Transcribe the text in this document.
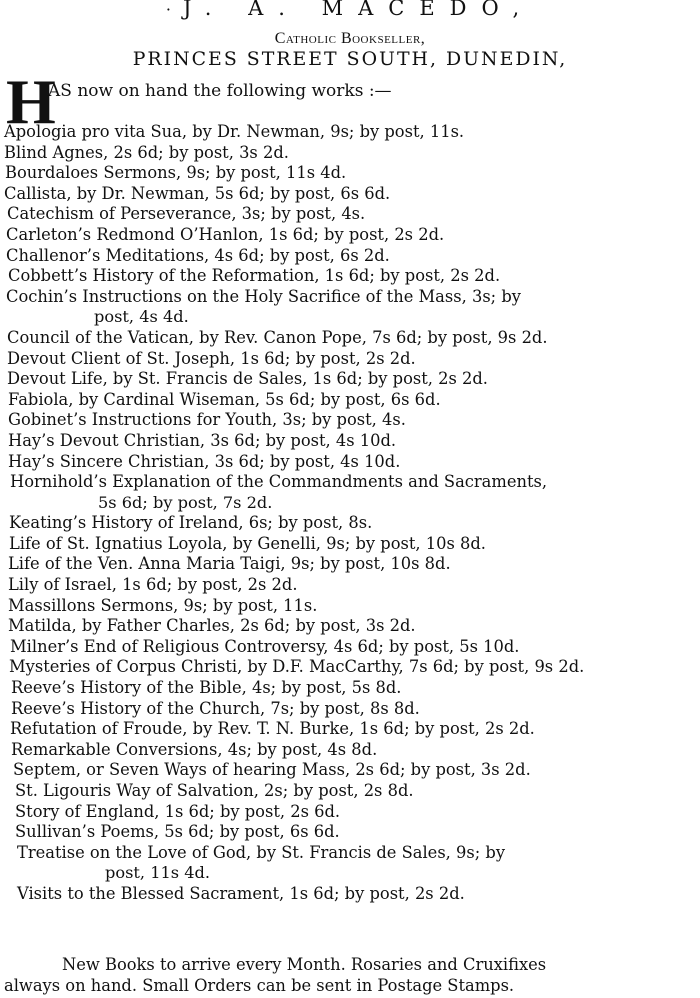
· J. A. MACEDO,
Catholic Bookseller,
PRINCES STREET SOUTH, DUNEDIN,
H
AS now on hand the following works :—
Apologia pro vita Sua, by Dr. Newman, 9s; by post, 11s.
Blind Agnes, 2s 6d; by post, 3s 2d.
Bourdaloes Sermons, 9s; by post, 11s 4d.
Callista, by Dr. Newman, 5s 6d; by post, 6s 6d.
Catechism of Perseverance, 3s; by post, 4s.
Carleton’s Redmond O’Hanlon, 1s 6d; by post, 2s 2d.
Challenor’s Meditations, 4s 6d; by post, 6s 2d.
Cobbett’s History of the Reformation, 1s 6d; by post, 2s 2d.
Cochin’s Instructions on the Holy Sacrifice of the Mass, 3s; by
post, 4s 4d.
Council of the Vatican, by Rev. Canon Pope, 7s 6d; by post, 9s 2d.
Devout Client of St. Joseph, 1s 6d; by post, 2s 2d.
Devout Life, by St. Francis de Sales, 1s 6d; by post, 2s 2d.
Fabiola, by Cardinal Wiseman, 5s 6d; by post, 6s 6d.
Gobinet’s Instructions for Youth, 3s; by post, 4s.
Hay’s Devout Christian, 3s 6d; by post, 4s 10d.
Hay’s Sincere Christian, 3s 6d; by post, 4s 10d.
Hornihold’s Explanation of the Commandments and Sacraments,
5s 6d; by post, 7s 2d.
Keating’s History of Ireland, 6s; by post, 8s.
Life of St. Ignatius Loyola, by Genelli, 9s; by post, 10s 8d.
Life of the Ven. Anna Maria Taigi, 9s; by post, 10s 8d.
Lily of Israel, 1s 6d; by post, 2s 2d.
Massillons Sermons, 9s; by post, 11s.
Matilda, by Father Charles, 2s 6d; by post, 3s 2d.
Milner’s End of Religious Controversy, 4s 6d; by post, 5s 10d.
Mysteries of Corpus Christi, by D.F. MacCarthy, 7s 6d; by post, 9s 2d.
Reeve’s History of the Bible, 4s; by post, 5s 8d.
Reeve’s History of the Church, 7s; by post, 8s 8d.
Refutation of Froude, by Rev. T. N. Burke, 1s 6d; by post, 2s 2d.
Remarkable Conversions, 4s; by post, 4s 8d.
Septem, or Seven Ways of hearing Mass, 2s 6d; by post, 3s 2d.
St. Ligouris Way of Salvation, 2s; by post, 2s 8d.
Story of England, 1s 6d; by post, 2s 6d.
Sullivan’s Poems, 5s 6d; by post, 6s 6d.
Treatise on the Love of God, by St. Francis de Sales, 9s; by
post, 11s 4d.
Visits to the Blessed Sacrament, 1s 6d; by post, 2s 2d.
New Books to arrive every Month. Rosaries and Cruxifixes
always on hand. Small Orders can be sent in Postage Stamps.
